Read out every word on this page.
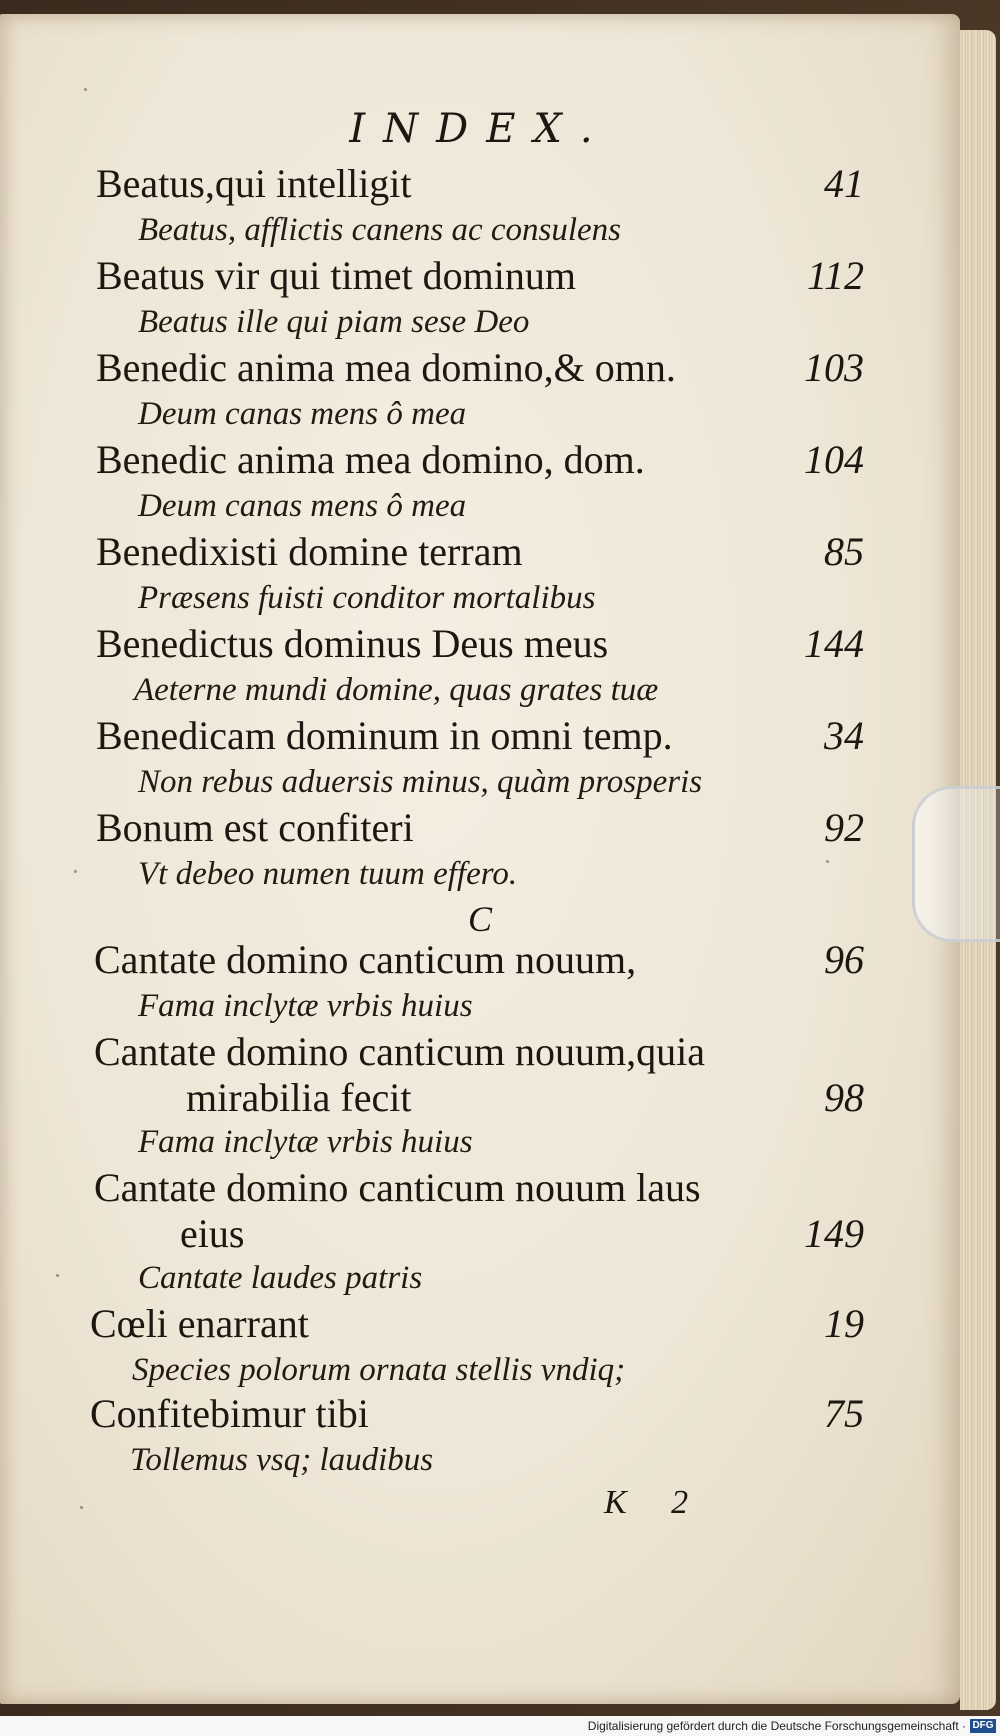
INDEX.
Beatus,qui intelligit	41
Beatus, afflictis canens ac consulens
Beatus vir qui timet dominum	112
Beatus ille qui piam sese Deo
Benedic anima mea domino,& omn.	103
Deum canas mens ô mea
Benedic anima mea domino, dom.	104
Deum canas mens ô mea
Benedixisti domine terram	85
Præsens fuisti conditor mortalibus
Benedictus dominus Deus meus	144
Aeterne mundi domine, quas grates tuæ
Benedicam dominum in omni temp.	34
Non rebus aduersis minus, quàm prosperis
Bonum est confiteri	92
Vt debeo numen tuum effero.
C
Cantate domino canticum nouum,	96
Fama inclytæ vrbis huius
Cantate domino canticum nouum,quia
mirabilia fecit	98
Fama inclytæ vrbis huius
Cantate domino canticum nouum laus
eius	149
Cantate laudes patris
Cœli enarrant	19
Species polorum ornata stellis vndiq;
Confitebimur tibi	75
Tollemus vsq; laudibus
K 2
Digitalisierung gefördert durch die Deutsche Forschungsgemeinschaft · DFG
